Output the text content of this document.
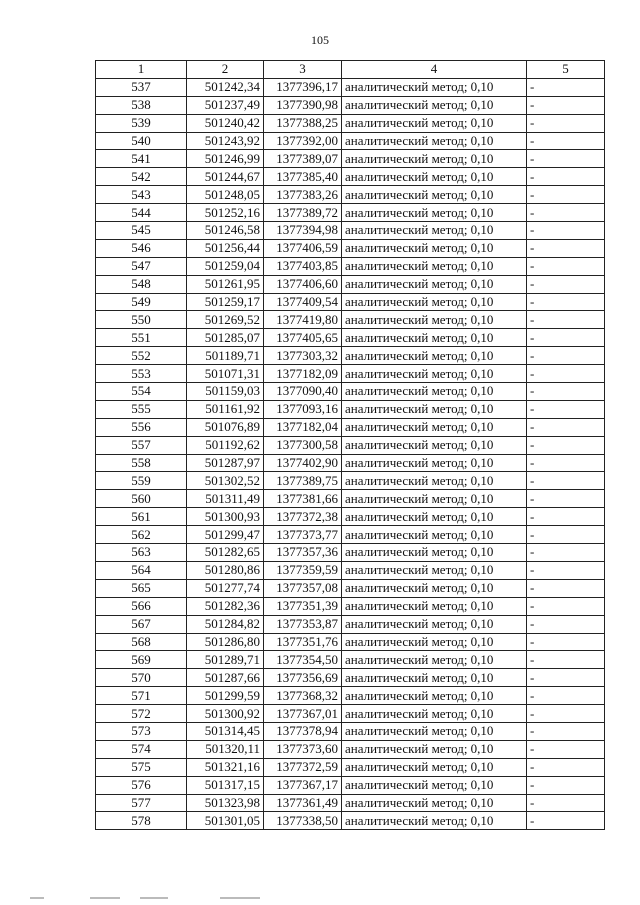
105
1	2	3	4	5
537	501242,34	1377396,17	аналитический метод; 0,10	-
538	501237,49	1377390,98	аналитический метод; 0,10	-
539	501240,42	1377388,25	аналитический метод; 0,10	-
540	501243,92	1377392,00	аналитический метод; 0,10	-
541	501246,99	1377389,07	аналитический метод; 0,10	-
542	501244,67	1377385,40	аналитический метод; 0,10	-
543	501248,05	1377383,26	аналитический метод; 0,10	-
544	501252,16	1377389,72	аналитический метод; 0,10	-
545	501246,58	1377394,98	аналитический метод; 0,10	-
546	501256,44	1377406,59	аналитический метод; 0,10	-
547	501259,04	1377403,85	аналитический метод; 0,10	-
548	501261,95	1377406,60	аналитический метод; 0,10	-
549	501259,17	1377409,54	аналитический метод; 0,10	-
550	501269,52	1377419,80	аналитический метод; 0,10	-
551	501285,07	1377405,65	аналитический метод; 0,10	-
552	501189,71	1377303,32	аналитический метод; 0,10	-
553	501071,31	1377182,09	аналитический метод; 0,10	-
554	501159,03	1377090,40	аналитический метод; 0,10	-
555	501161,92	1377093,16	аналитический метод; 0,10	-
556	501076,89	1377182,04	аналитический метод; 0,10	-
557	501192,62	1377300,58	аналитический метод; 0,10	-
558	501287,97	1377402,90	аналитический метод; 0,10	-
559	501302,52	1377389,75	аналитический метод; 0,10	-
560	501311,49	1377381,66	аналитический метод; 0,10	-
561	501300,93	1377372,38	аналитический метод; 0,10	-
562	501299,47	1377373,77	аналитический метод; 0,10	-
563	501282,65	1377357,36	аналитический метод; 0,10	-
564	501280,86	1377359,59	аналитический метод; 0,10	-
565	501277,74	1377357,08	аналитический метод; 0,10	-
566	501282,36	1377351,39	аналитический метод; 0,10	-
567	501284,82	1377353,87	аналитический метод; 0,10	-
568	501286,80	1377351,76	аналитический метод; 0,10	-
569	501289,71	1377354,50	аналитический метод; 0,10	-
570	501287,66	1377356,69	аналитический метод; 0,10	-
571	501299,59	1377368,32	аналитический метод; 0,10	-
572	501300,92	1377367,01	аналитический метод; 0,10	-
573	501314,45	1377378,94	аналитический метод; 0,10	-
574	501320,11	1377373,60	аналитический метод; 0,10	-
575	501321,16	1377372,59	аналитический метод; 0,10	-
576	501317,15	1377367,17	аналитический метод; 0,10	-
577	501323,98	1377361,49	аналитический метод; 0,10	-
578	501301,05	1377338,50	аналитический метод; 0,10	-
